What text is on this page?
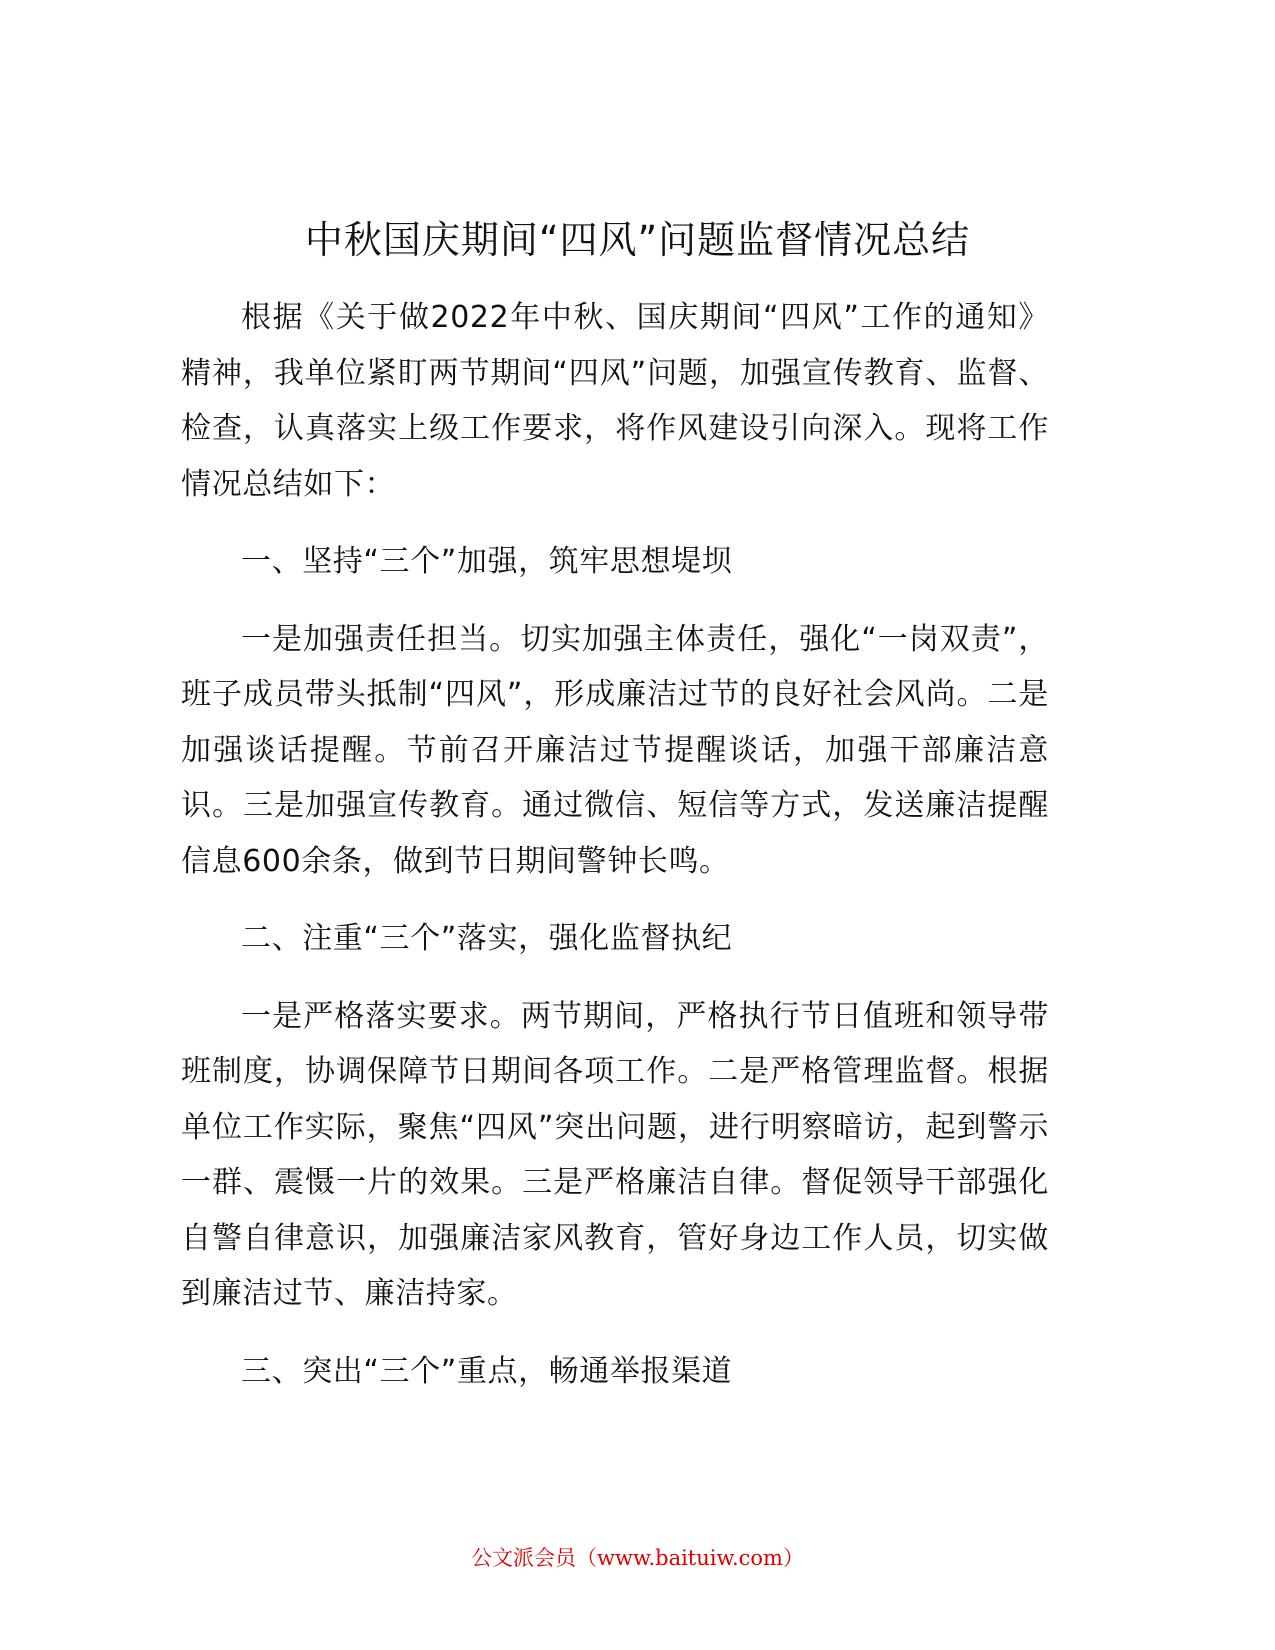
中秋国庆期间“四风”问题监督情况总结

根据《关于做2022年中秋、国庆期间“四风”工作的通知》精神，我单位紧盯两节期间“四风”问题，加强宣传教育、监督、检查，认真落实上级工作要求，将作风建设引向深入。现将工作情况总结如下：

一、坚持“三个”加强，筑牢思想堤坝

一是加强责任担当。切实加强主体责任，强化“一岗双责”，班子成员带头抵制“四风”，形成廉洁过节的良好社会风尚。二是加强谈话提醒。节前召开廉洁过节提醒谈话，加强干部廉洁意识。三是加强宣传教育。通过微信、短信等方式，发送廉洁提醒信息600余条，做到节日期间警钟长鸣。

二、注重“三个”落实，强化监督执纪

一是严格落实要求。两节期间，严格执行节日值班和领导带班制度，协调保障节日期间各项工作。二是严格管理监督。根据单位工作实际，聚焦“四风”突出问题，进行明察暗访，起到警示一群、震慑一片的效果。三是严格廉洁自律。督促领导干部强化自警自律意识，加强廉洁家风教育，管好身边工作人员，切实做到廉洁过节、廉洁持家。

三、突出“三个”重点，畅通举报渠道

公文派会员（www.baituiw.com）
